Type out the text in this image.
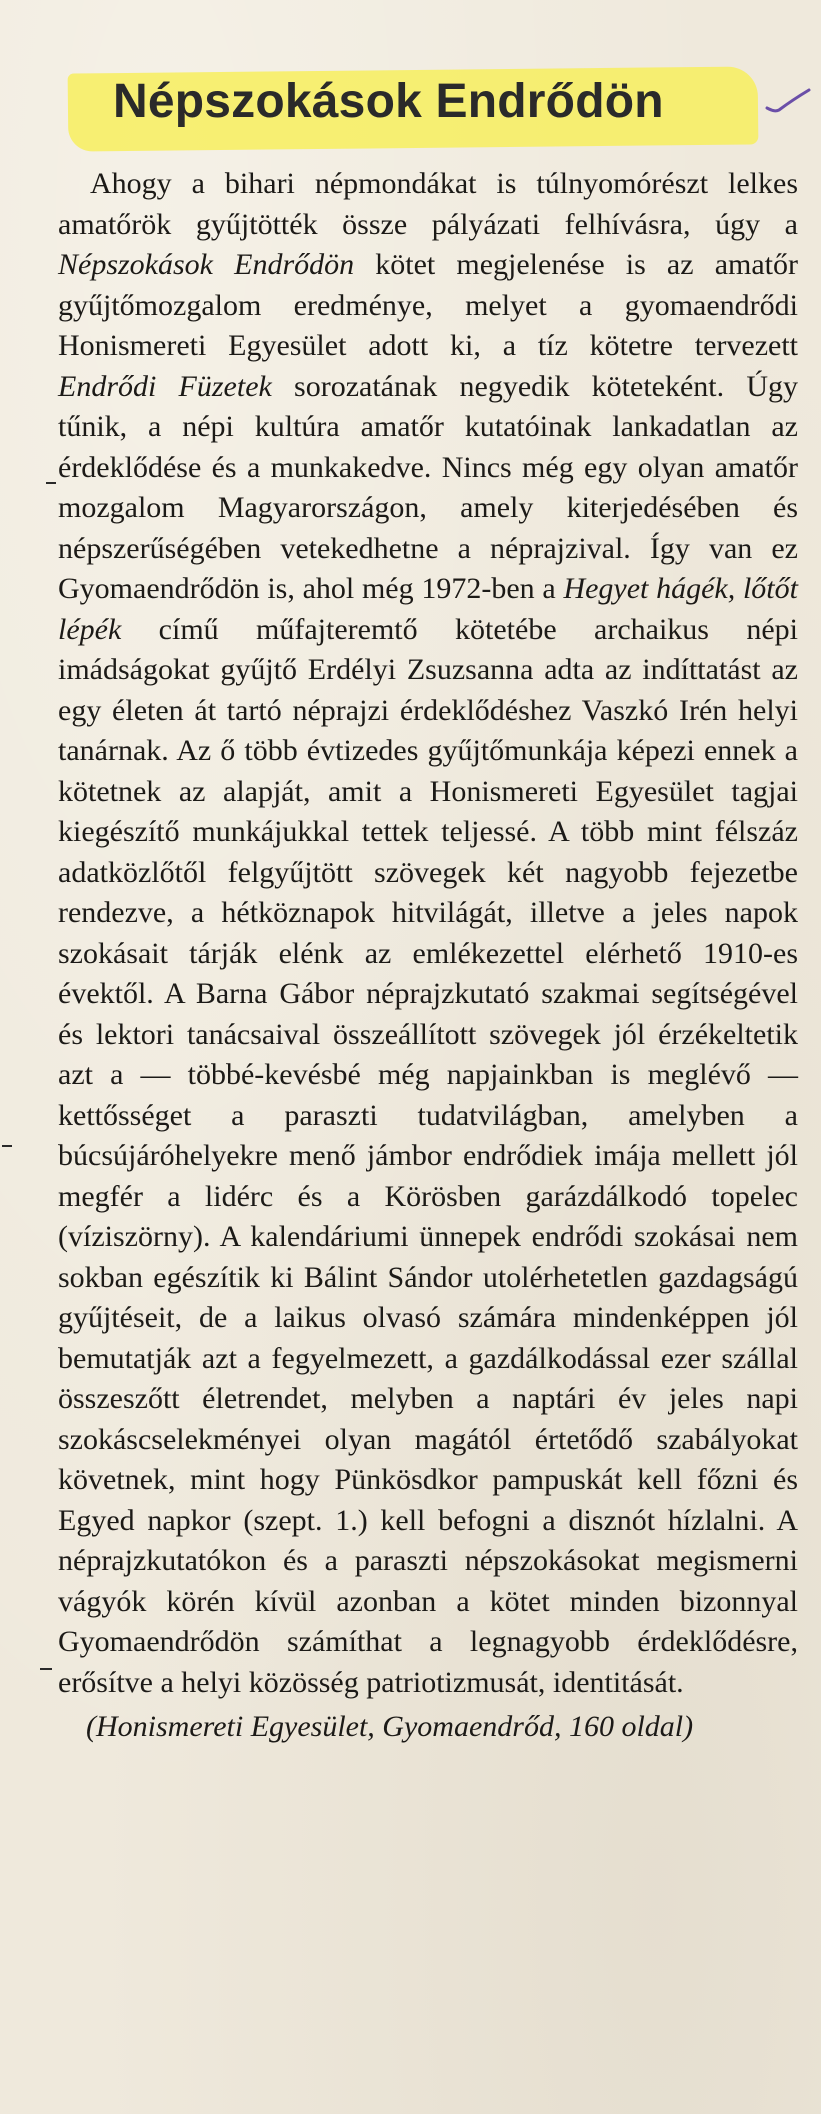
Népszokások Endrődön

Ahogy a bihari népmondákat is túlnyomórészt lelkes amatőrök gyűjtötték össze pályázati felhívásra, úgy a Népszokások Endrődön kötet megjelenése is az amatőr gyűjtőmozgalom eredménye, melyet a gyomaendrődi Honismereti Egyesület adott ki, a tíz kötetre tervezett Endrődi Füzetek sorozatának negyedik köteteként. Úgy tűnik, a népi kultúra amatőr kutatóinak lankadatlan az érdeklődése és a munkakedve. Nincs még egy olyan amatőr mozgalom Magyarországon, amely kiterjedésében és népszerűségében vetekedhetne a néprajzival. Így van ez Gyomaendrődön is, ahol még 1972-ben a Hegyet hágék, lőtőt lépék című műfajteremtő kötetébe archaikus népi imádságokat gyűjtő Erdélyi Zsuzsanna adta az indíttatást az egy életen át tartó néprajzi érdeklődéshez Vaszkó Irén helyi tanárnak. Az ő több évtizedes gyűjtőmunkája képezi ennek a kötetnek az alapját, amit a Honismereti Egyesület tagjai kiegészítő munkájukkal tettek teljessé. A több mint félszáz adatközlőtől felgyűjtött szövegek két nagyobb fejezetbe rendezve, a hétköznapok hitvilágát, illetve a jeles napok szokásait tárják elénk az emlékezettel elérhető 1910-es évektől. A Barna Gábor néprajzkutató szakmai segítségével és lektori tanácsaival összeállított szövegek jól érzékeltetik azt a — többé-kevésbé még napjainkban is meglévő — kettősséget a paraszti tudatvilágban, amelyben a búcsújáróhelyekre menő jámbor endrődiek imája mellett jól megfér a lidérc és a Körösben garázdálkodó topelec (víziszörny). A kalendáriumi ünnepek endrődi szokásai nem sokban egészítik ki Bálint Sándor utolérhetetlen gazdagságú gyűjtéseit, de a laikus olvasó számára mindenképpen jól bemutatják azt a fegyelmezett, a gazdálkodással ezer szállal összeszőtt életrendet, melyben a naptári év jeles napi szokáscselekményei olyan magától értetődő szabályokat követnek, mint hogy Pünkösdkor pampuskát kell főzni és Egyed napkor (szept. 1.) kell befogni a disznót hízlalni. A néprajzkutatókon és a paraszti népszokásokat megismerni vágyók körén kívül azonban a kötet minden bizonnyal Gyomaendrődön számíthat a legnagyobb érdeklődésre, erősítve a helyi közösség patriotizmusát, identitását.

(Honismereti Egyesület, Gyomaendrőd, 160 oldal)
